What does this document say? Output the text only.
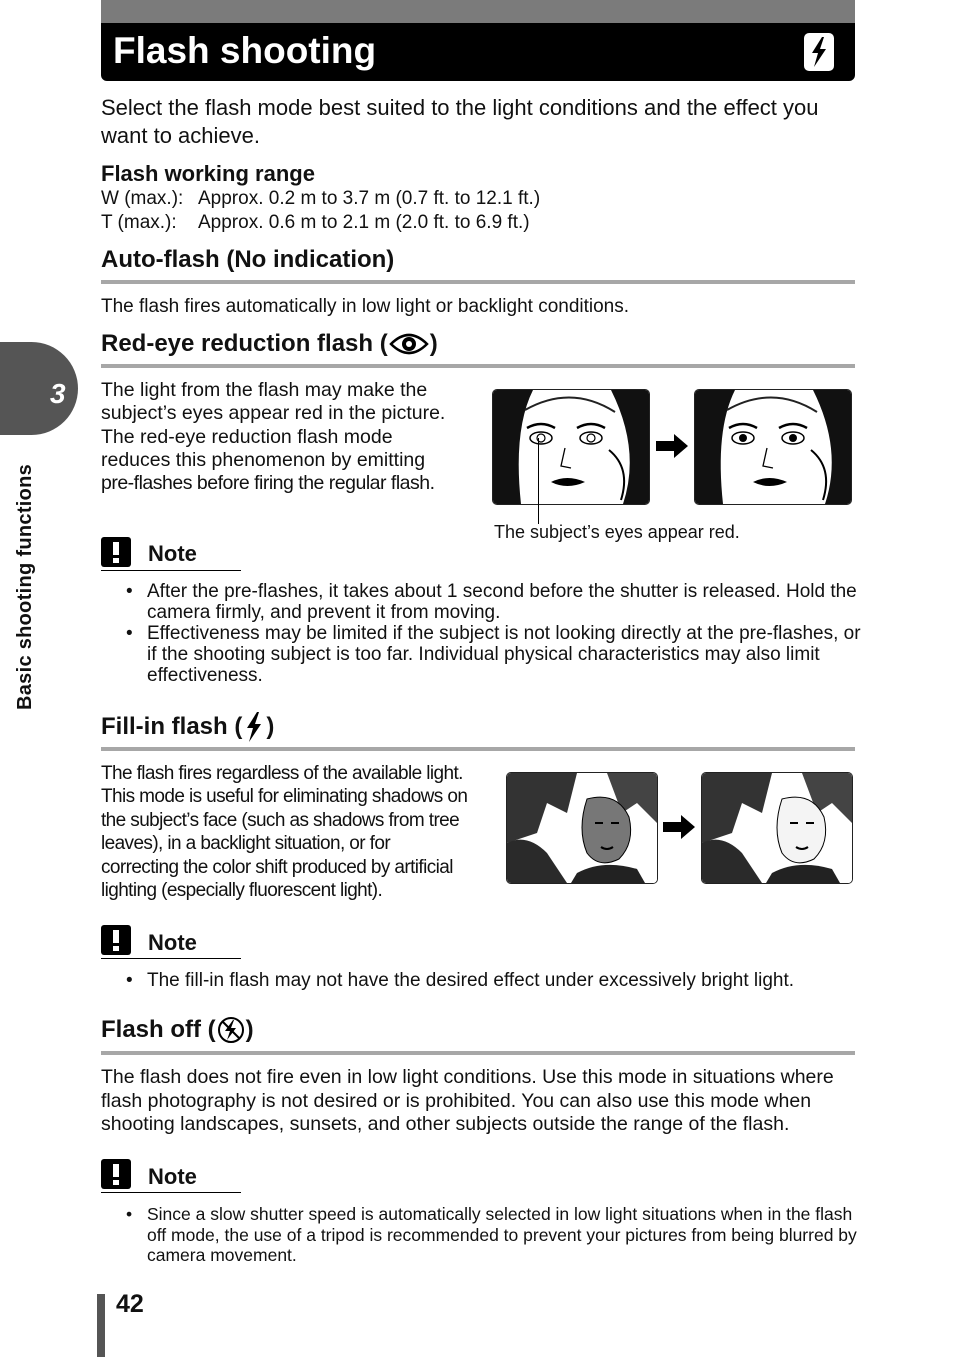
Flash shooting
3
Basic shooting functions
Select the flash mode best suited to the light conditions and the effect you want to achieve.
Flash working range
W (max.): Approx. 0.2 m to 3.7 m (0.7 ft. to 12.1 ft.)
T (max.): Approx. 0.6 m to 2.1 m (2.0 ft. to 6.9 ft.)
Auto-flash (No indication)
The flash fires automatically in low light or backlight conditions.
Red-eye reduction flash ( )
The light from the flash may make the
subject’s eyes appear red in the picture.
The red-eye reduction flash mode
reduces this phenomenon by emitting
pre-flashes before firing the regular flash.
The subject’s eyes appear red.
Note
• After the pre-flashes, it takes about 1 second before the shutter is released. Hold the camera firmly, and prevent it from moving.
• Effectiveness may be limited if the subject is not looking directly at the pre-flashes, or if the shooting subject is too far. Individual physical characteristics may also limit effectiveness.
Fill-in flash ( )
The flash fires regardless of the available light.
This mode is useful for eliminating shadows on
the subject’s face (such as shadows from tree
leaves), in a backlight situation, or for
correcting the color shift produced by artificial
lighting (especially fluorescent light).
Note
• The fill-in flash may not have the desired effect under excessively bright light.
Flash off ( )
The flash does not fire even in low light conditions. Use this mode in situations where
flash photography is not desired or is prohibited. You can also use this mode when
shooting landscapes, sunsets, and other subjects outside the range of the flash.
Note
• Since a slow shutter speed is automatically selected in low light situations when in the flash off mode, the use of a tripod is recommended to prevent your pictures from being blurred by camera movement.
42
